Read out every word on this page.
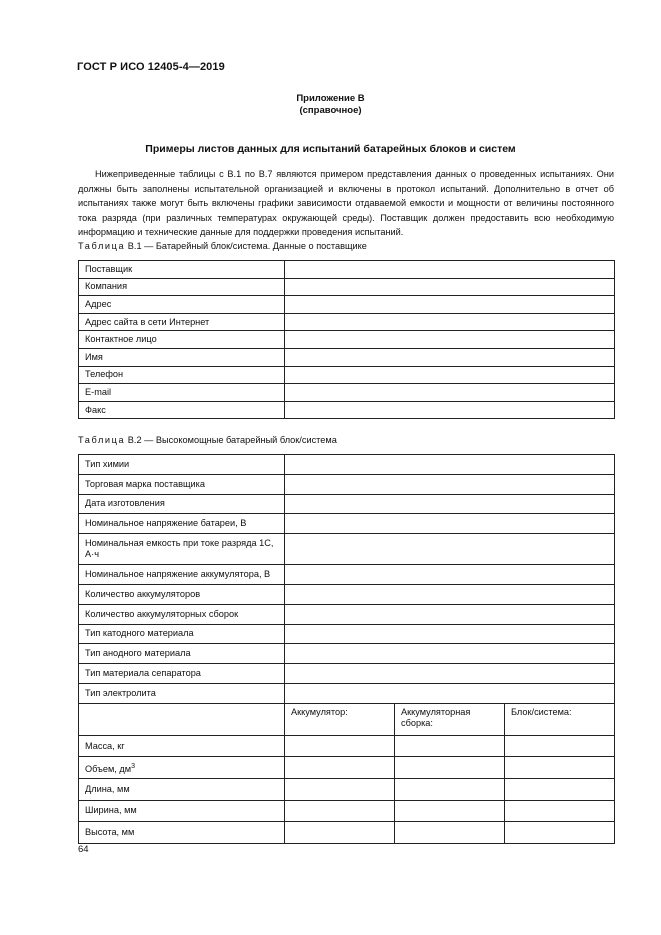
ГОСТ Р ИСО 12405-4—2019
Приложение В
(справочное)
Примеры листов данных для испытаний батарейных блоков и систем

Нижеприведенные таблицы с В.1 по В.7 являются примером представления данных о проведенных испытаниях. Они должны быть заполнены испытательной организацией и включены в протокол испытаний. Дополнительно в отчет об испытаниях также могут быть включены графики зависимости отдаваемой емкости и мощности от величины постоянного тока разряда (при различных температурах окружающей среды). Поставщик должен предоставить всю необходимую информацию и технические данные для поддержки проведения испытаний.

Таблица В.1 — Батарейный блок/система. Данные о поставщике
Поставщик	
Компания	
Адрес	
Адрес сайта в сети Интернет	
Контактное лицо	
Имя	
Телефон	
E-mail	
Факс	
Таблица В.2 — Высокомощные батарейный блок/система
Тип химии			
Торговая марка поставщика			
Дата изготовления			
Номинальное напряжение батареи, В			
Номинальная емкость при токе разряда 1С, А·ч			
Номинальное напряжение аккумулятора, В			
Количество аккумуляторов			
Количество аккумуляторных сборок			
Тип катодного материала			
Тип анодного материала			
Тип материала сепаратора			
Тип электролита			
	Аккумулятор:	Аккумуляторная сборка:	Блок/система:
Масса, кг			
Объем, $дм^3$			
Длина, мм			
Ширина, мм			
Высота, мм			
64
